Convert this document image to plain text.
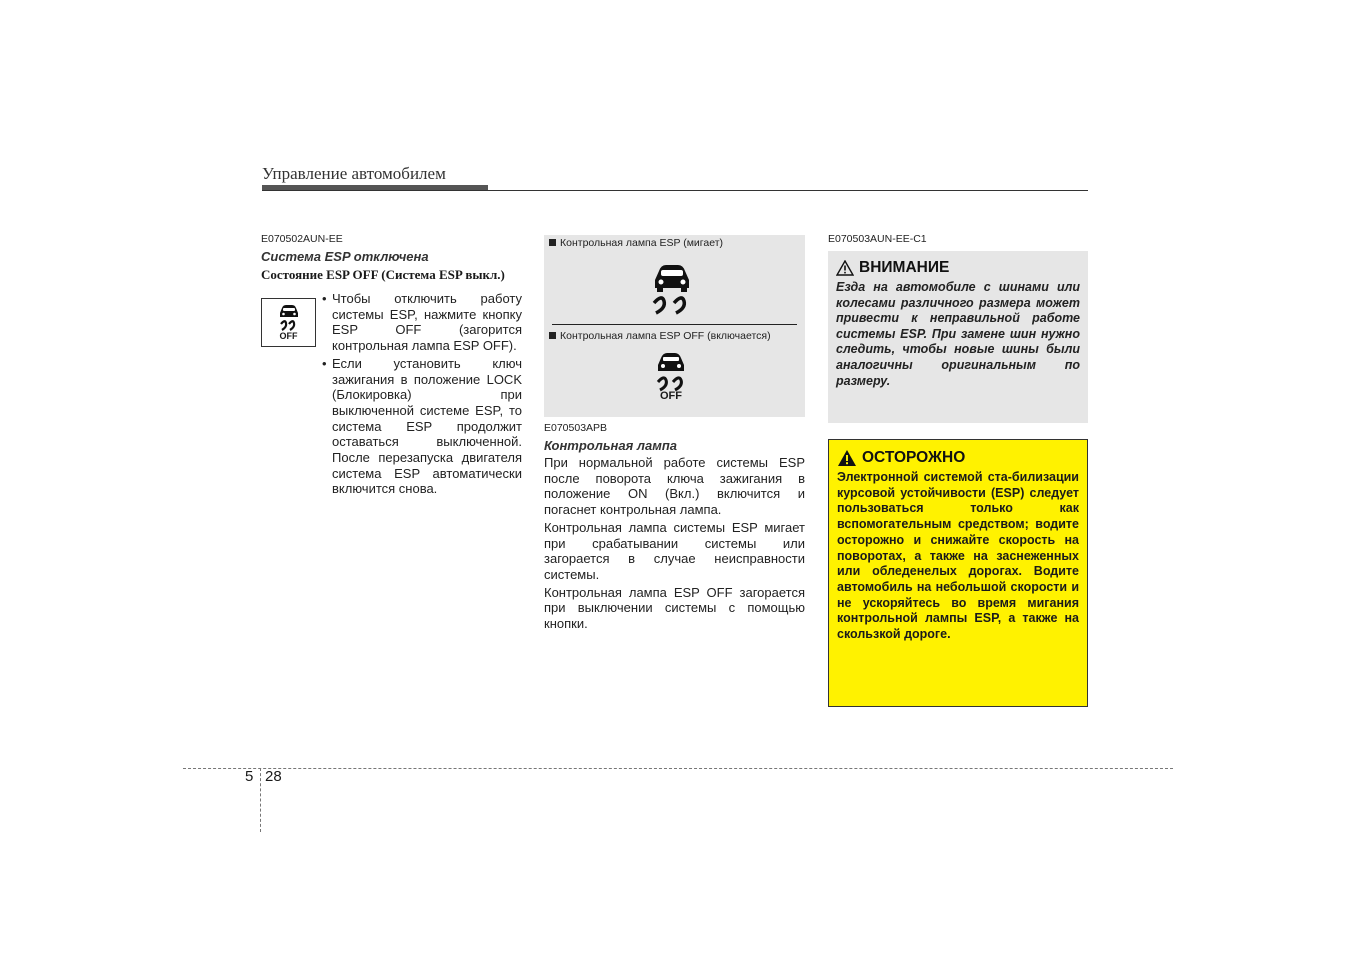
Управление автомобилем
E070502AUN-EE
Система ESP отключена
Состояние ESP OFF (Система ESP выкл.)
OFF
• Чтобы отключить работу системы ESP, нажмите кнопку ESP OFF (загорится контрольная лампа ESP OFF).
• Если установить ключ зажигания в положение LOCK (Блокировка) при выключенной системе ESP, то система ESP продолжит оставаться выключенной. После перезапуска двигателя система ESP автоматически включится снова.
Контрольная лампа ESP (мигает)
Контрольная лампа ESP OFF (включается)
OFF
E070503APB
Контрольная лампа
При нормальной работе системы ESP после поворота ключа зажигания в положение ON (Вкл.) включится и погаснет контрольная лампа.
Контрольная лампа системы ESP мигает при срабатывании системы или загорается в случае неисправности системы.
Контрольная лампа ESP OFF загорается при выключении системы с помощью кнопки.
E070503AUN-EE-C1
ВНИМАНИЕ
Езда на автомобиле с шинами или колесами различного размера может привести к неправильной работе системы ESP. При замене шин нужно следить, чтобы новые шины были аналогичны оригинальным по размеру.
ОСТОРОЖНО
Электронной системой ста-билизации курсовой устойчивости (ESP) следует пользоваться только как вспомогательным средством; водите осторожно и снижайте скорость на поворотах, а также на заснеженных или обледенелых дорогах. Водите автомобиль на небольшой скорости и не ускоряйтесь во время мигания контрольной лампы ESP, а также на скользкой дороге.
5 28
